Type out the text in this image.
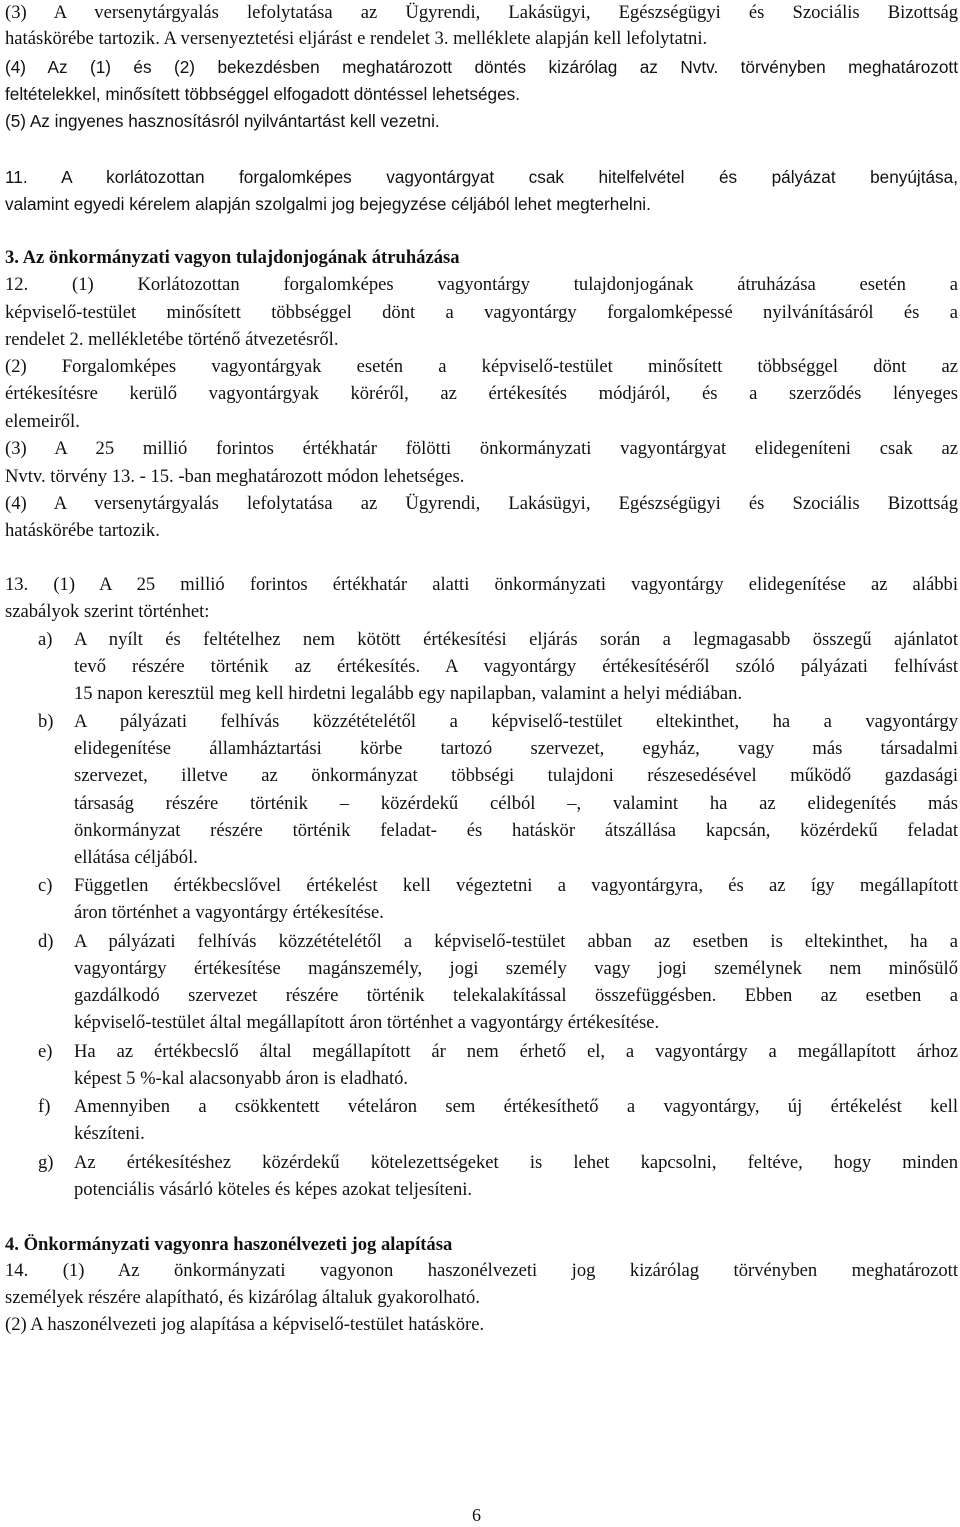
(3) A versenytárgyalás lefolytatása az Ügyrendi, Lakásügyi, Egészségügyi és Szociális Bizottság
hatáskörébe tartozik. A versenyeztetési eljárást e rendelet 3. melléklete alapján kell lefolytatni.
(4) Az (1) és (2) bekezdésben meghatározott döntés kizárólag az Nvtv. törvényben meghatározott
feltételekkel, minősített többséggel elfogadott döntéssel lehetséges.
(5) Az ingyenes hasznosításról nyilvántartást kell vezetni.
11. A korlátozottan forgalomképes vagyontárgyat csak hitelfelvétel és pályázat benyújtása,
valamint egyedi kérelem alapján szolgalmi jog bejegyzése céljából lehet megterhelni.
3. Az önkormányzati vagyon tulajdonjogának átruházása
12. (1) Korlátozottan forgalomképes vagyontárgy tulajdonjogának átruházása esetén a
képviselő-testület minősített többséggel dönt a vagyontárgy forgalomképessé nyilvánításáról és a
rendelet 2. mellékletébe történő átvezetésről.
(2) Forgalomképes vagyontárgyak esetén a képviselő-testület minősített többséggel dönt az
értékesítésre kerülő vagyontárgyak köréről, az értékesítés módjáról, és a szerződés lényeges
elemeiről.
(3) A 25 millió forintos értékhatár fölötti önkormányzati vagyontárgyat elidegeníteni csak az
Nvtv. törvény 13. - 15. -ban meghatározott módon lehetséges.
(4) A versenytárgyalás lefolytatása az Ügyrendi, Lakásügyi, Egészségügyi és Szociális Bizottság
hatáskörébe tartozik.
13. (1) A 25 millió forintos értékhatár alatti önkormányzati vagyontárgy elidegenítése az alábbi
szabályok szerint történhet:
a)	A nyílt és feltételhez nem kötött értékesítési eljárás során a legmagasabb összegű ajánlatot
tevő részére történik az értékesítés. A vagyontárgy értékesítéséről szóló pályázati felhívást
15 napon keresztül meg kell hirdetni legalább egy napilapban, valamint a helyi médiában.
b)	A pályázati felhívás közzétételétől a képviselő-testület eltekinthet, ha a vagyontárgy
elidegenítése államháztartási körbe tartozó szervezet, egyház, vagy más társadalmi
szervezet, illetve az önkormányzat többségi tulajdoni részesedésével működő gazdasági
társaság részére történik – közérdekű célból –, valamint ha az elidegenítés más
önkormányzat részére történik feladat- és hatáskör átszállása kapcsán, közérdekű feladat
ellátása céljából.
c)	Független értékbecslővel értékelést kell végeztetni a vagyontárgyra, és az így megállapított
áron történhet a vagyontárgy értékesítése.
d)	A pályázati felhívás közzétételétől a képviselő-testület abban az esetben is eltekinthet, ha a
vagyontárgy értékesítése magánszemély, jogi személy vagy jogi személynek nem minősülő
gazdálkodó szervezet részére történik telekalakítással összefüggésben. Ebben az esetben a
képviselő-testület által megállapított áron történhet a vagyontárgy értékesítése.
e)	Ha az értékbecslő által megállapított ár nem érhető el, a vagyontárgy a megállapított árhoz
képest 5 %-kal alacsonyabb áron is eladható.
f)	Amennyiben a csökkentett vételáron sem értékesíthető a vagyontárgy, új értékelést kell
készíteni.
g)	Az értékesítéshez közérdekű kötelezettségeket is lehet kapcsolni, feltéve, hogy minden
potenciális vásárló köteles és képes azokat teljesíteni.
4. Önkormányzati vagyonra haszonélvezeti jog alapítása
14. (1) Az önkormányzati vagyonon haszonélvezeti jog kizárólag törvényben meghatározott
személyek részére alapítható, és kizárólag általuk gyakorolható.
(2) A haszonélvezeti jog alapítása a képviselő-testület hatásköre.
6
